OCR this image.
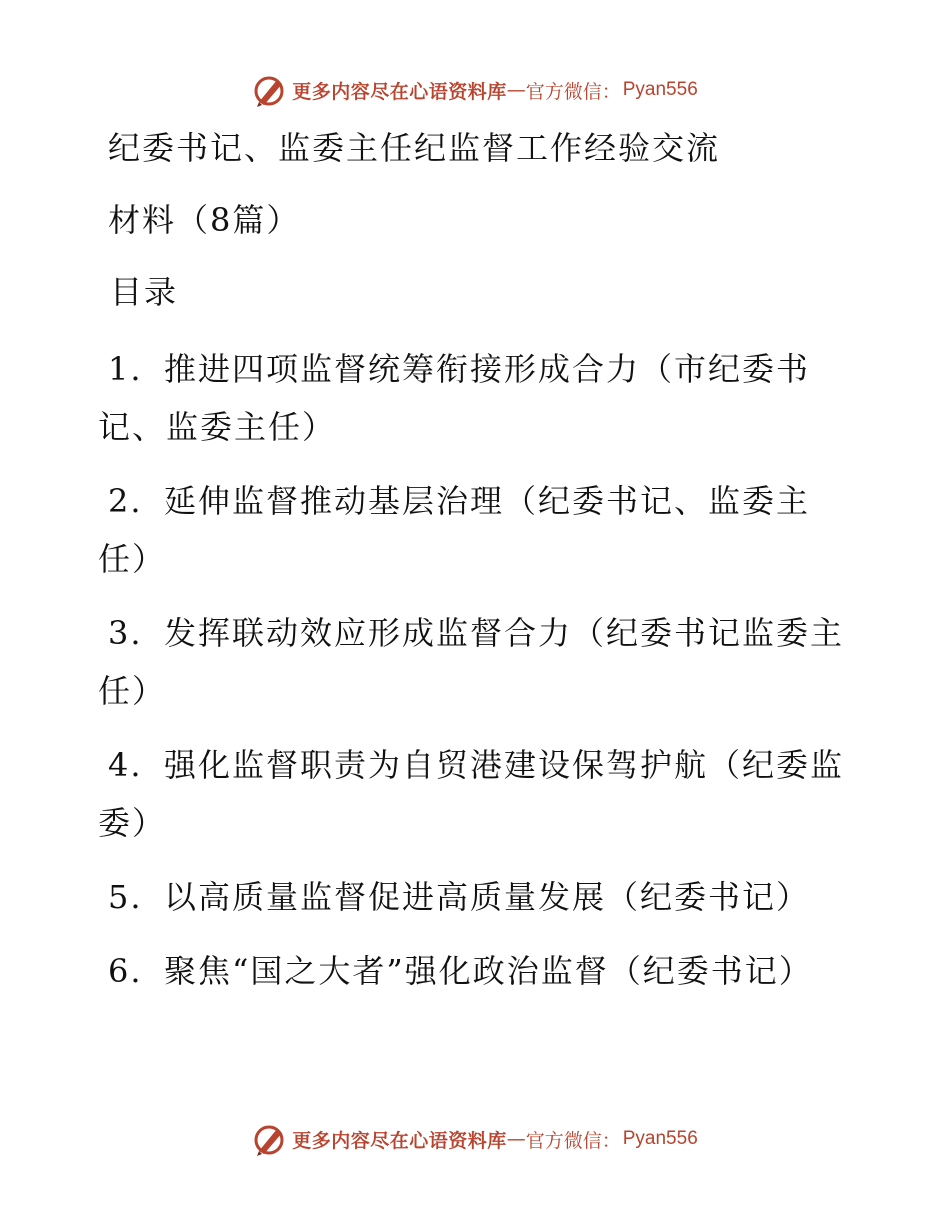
更多内容尽在心语资料库 — 官方微信： Pyan556

纪委书记、监委主任纪监督工作经验交流

材料（8篇）

目录

1. 推进四项监督统筹衔接形成合力（市纪委书

记、监委主任）

2. 延伸监督推动基层治理（纪委书记、监委主

任）

3. 发挥联动效应形成监督合力（纪委书记监委主

任）

4. 强化监督职责为自贸港建设保驾护航（纪委监

委）

5. 以高质量监督促进高质量发展（纪委书记）

6. 聚焦“国之大者”强化政治监督（纪委书记）

更多内容尽在心语资料库 — 官方微信： Pyan556
